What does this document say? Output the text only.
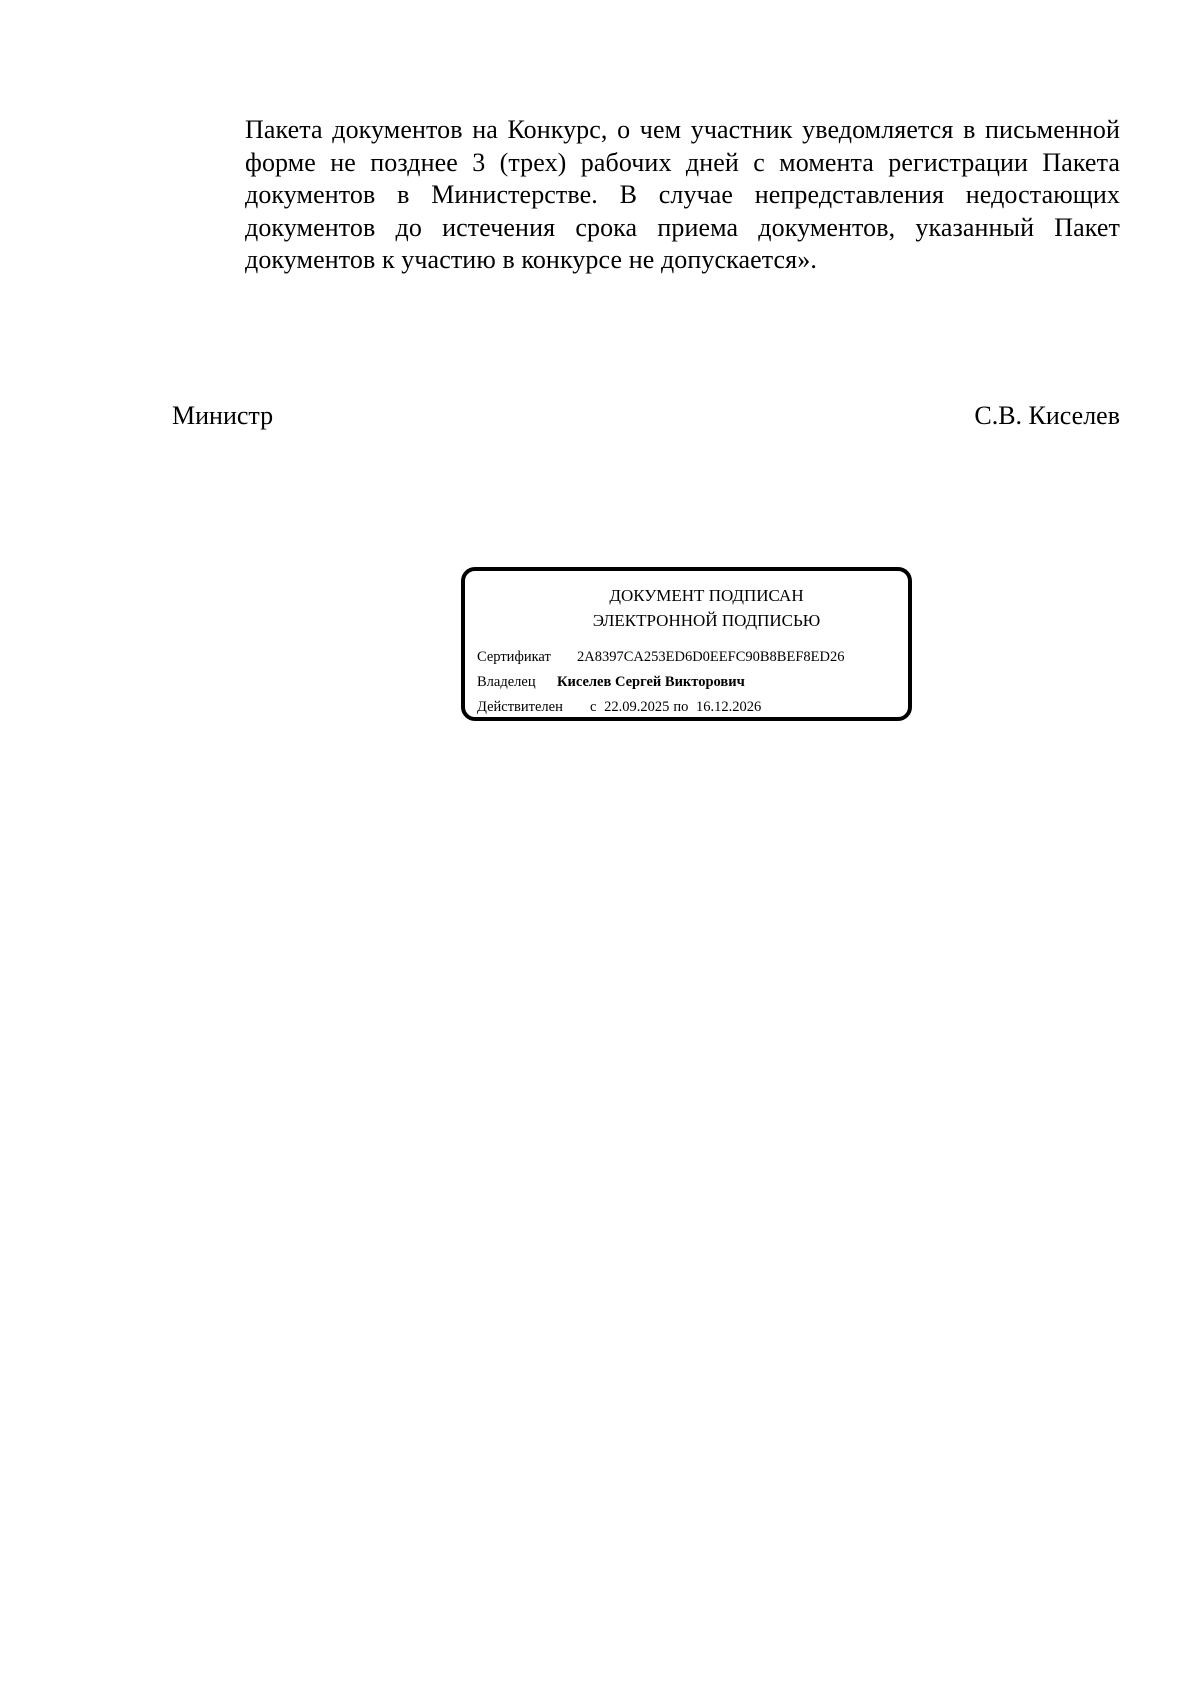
Пакета документов на Конкурс, о чем участник уведомляется в письменной форме не позднее 3 (трех) рабочих дней с момента регистрации Пакета документов в Министерстве. В случае непредставления недостающих документов до истечения срока приема документов, указанный Пакет документов к участию в конкурсе не допускается».

Министр	С.В. Киселев
ДОКУМЕНТ ПОДПИСАН
ЭЛЕКТРОННОЙ ПОДПИСЬЮ
Сертификат 2A8397CA253ED6D0EEFC90B8BEF8ED26
Владелец Киселев Сергей Викторович
Действителен с 22.09.2025 по 16.12.2026
